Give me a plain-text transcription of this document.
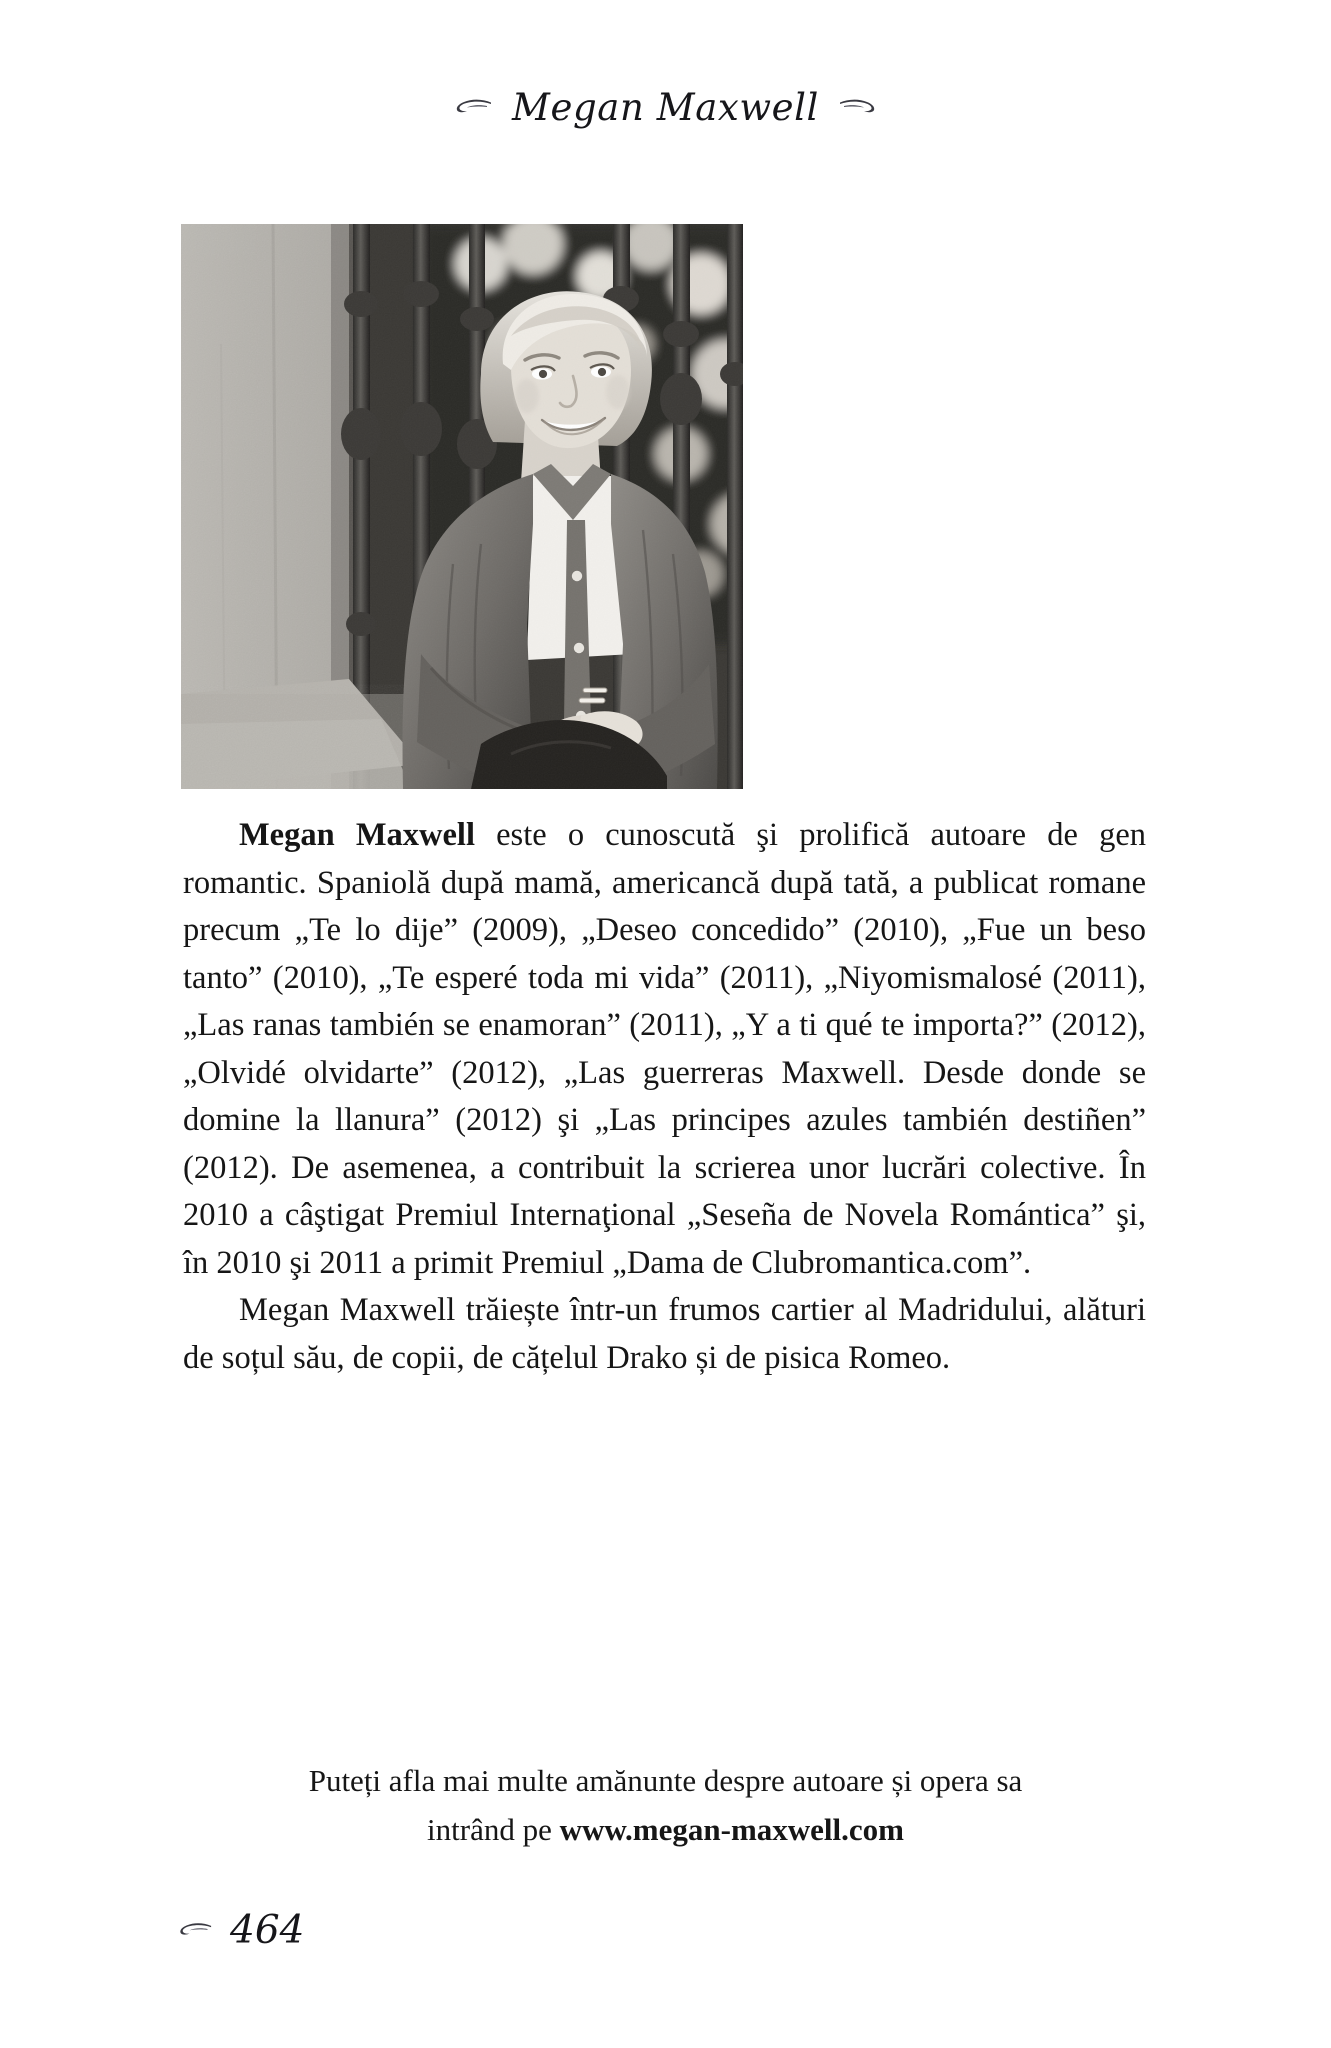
Megan Maxwell

Megan Maxwell este o cunoscută şi prolifică autoare de gen romantic. Spaniolă după mamă, americancă după tată, a publicat romane precum „Te lo dije” (2009), „Deseo concedido” (2010), „Fue un beso tanto” (2010), „Te esperé toda mi vida” (2011), „Niyomismalosé (2011), „Las ranas también se enamoran” (2011), „Y a ti qué te importa?” (2012), „Olvidé olvidarte” (2012), „Las guerreras Maxwell. Desde donde se domine la llanura” (2012) şi „Las principes azules también destiñen” (2012). De asemenea, a contribuit la scrierea unor lucrări colective. În 2010 a câştigat Premiul Internaţional „Seseña de Novela Romántica” şi, în 2010 şi 2011 a primit Premiul „Dama de Clubromantica.com”.

Megan Maxwell trăiește într-un frumos cartier al Madridului, alături de soțul său, de copii, de cățelul Drako și de pisica Romeo.

Puteți afla mai multe amănunte despre autoare și opera sa
intrând pe www.megan-maxwell.com
464
